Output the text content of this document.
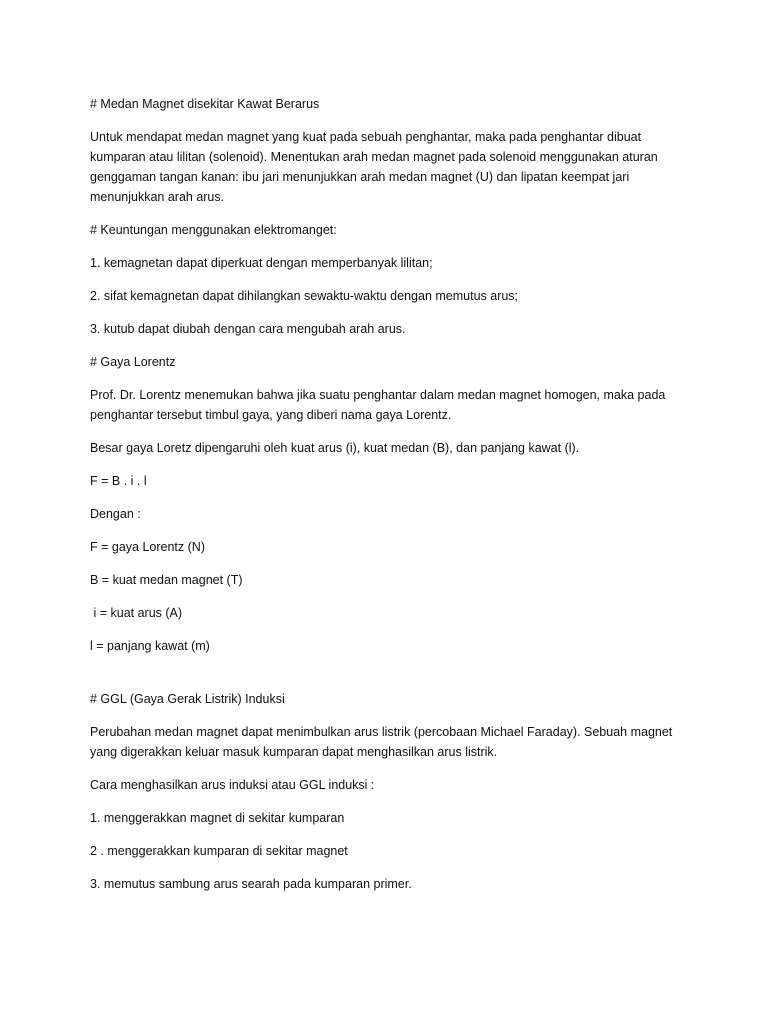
# Medan Magnet disekitar Kawat Berarus

Untuk mendapat medan magnet yang kuat pada sebuah penghantar, maka pada penghantar dibuat kumparan atau lilitan (solenoid). Menentukan arah medan magnet pada solenoid menggunakan aturan genggaman tangan kanan: ibu jari menunjukkan arah medan magnet (U) dan lipatan keempat jari menunjukkan arah arus.

# Keuntungan menggunakan elektromanget:

1. kemagnetan dapat diperkuat dengan memperbanyak lilitan;

2. sifat kemagnetan dapat dihilangkan sewaktu-waktu dengan memutus arus;

3. kutub dapat diubah dengan cara mengubah arah arus.

# Gaya Lorentz

Prof. Dr. Lorentz menemukan bahwa jika suatu penghantar dalam medan magnet homogen, maka pada penghantar tersebut timbul gaya, yang diberi nama gaya Lorentz.

Besar gaya Loretz dipengaruhi oleh kuat arus (i), kuat medan (B), dan panjang kawat (l).

F = B . i . l

Dengan :

F = gaya Lorentz (N)

B = kuat medan magnet (T)

i = kuat arus (A)

l = panjang kawat (m)

# GGL (Gaya Gerak Listrik) Induksi

Perubahan medan magnet dapat menimbulkan arus listrik (percobaan Michael Faraday). Sebuah magnet yang digerakkan keluar masuk kumparan dapat menghasilkan arus listrik.

Cara menghasilkan arus induksi atau GGL induksi :

1. menggerakkan magnet di sekitar kumparan

2 . menggerakkan kumparan di sekitar magnet

3. memutus sambung arus searah pada kumparan primer.
